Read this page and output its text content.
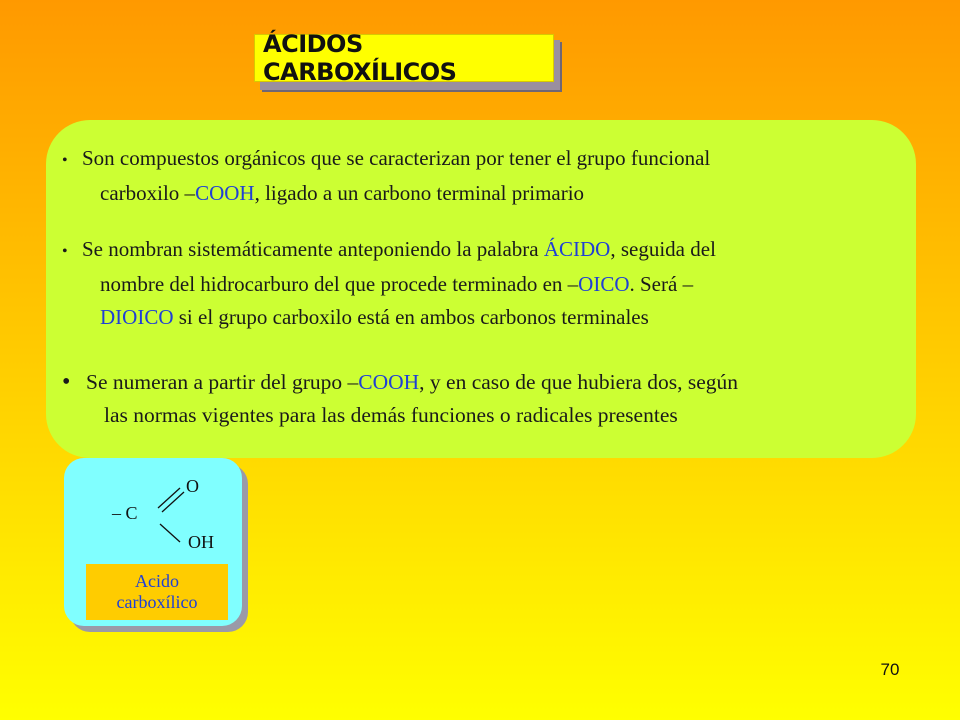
ÁCIDOS CARBOXÍLICOS
• Son compuestos orgánicos que se caracterizan por tener el grupo funcional
carboxilo –COOH, ligado a un carbono terminal primario
• Se nombran sistemáticamente anteponiendo la palabra ÁCIDO, seguida del
nombre del hidrocarburo del que procede terminado en –OICO. Será –
DIOICO si el grupo carboxilo está en ambos carbonos terminales
• Se numeran a partir del grupo –COOH, y en caso de que hubiera dos, según
las normas vigentes para las demás funciones o radicales presentes
O
– C
OH
Acido
carboxílico
70
